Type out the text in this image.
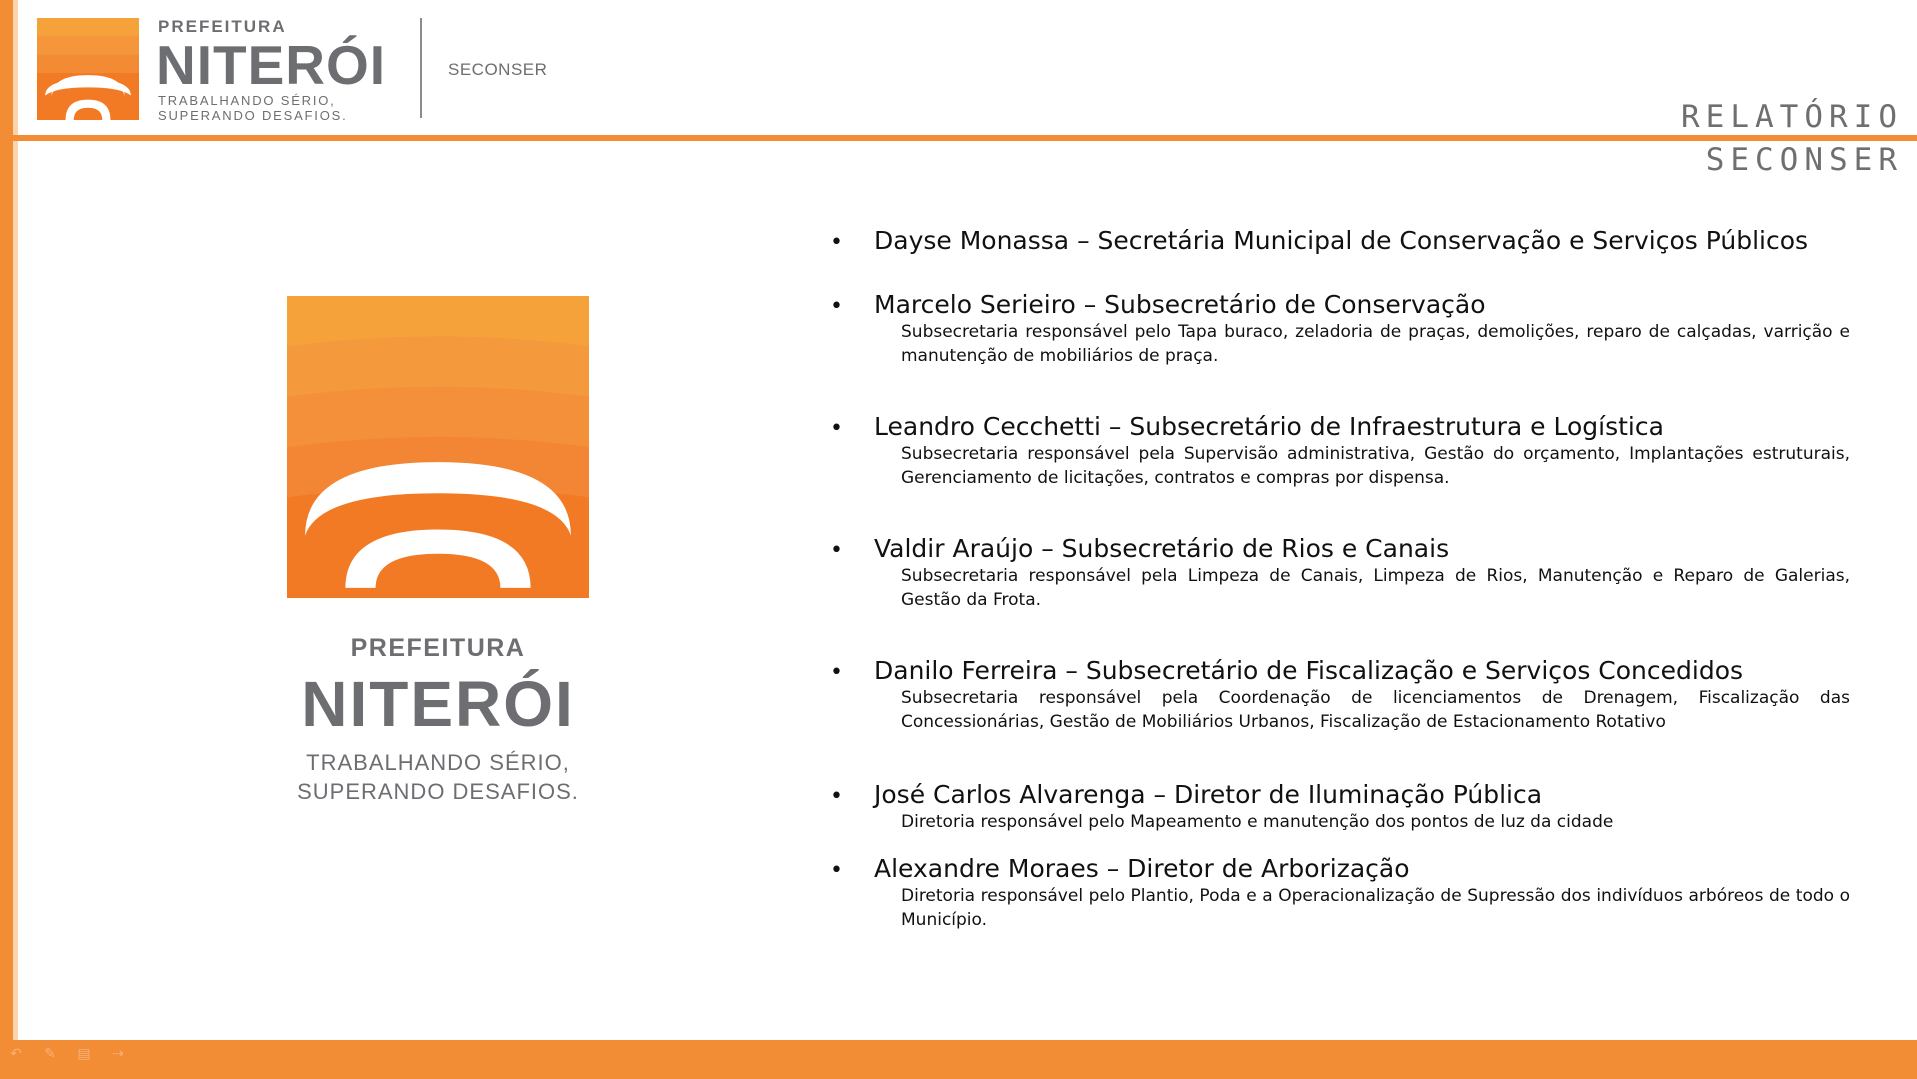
PREFEITURA
NITERÓI
TRABALHANDO SÉRIO,
SUPERANDO DESAFIOS.
SECONSER
RELATÓRIO
SECONSER
PREFEITURA
NITERÓI
TRABALHANDO SÉRIO,
SUPERANDO DESAFIOS.
• Dayse Monassa – Secretária Municipal de Conservação e Serviços Públicos
• Marcelo Serieiro – Subsecretário de Conservação
Subsecretaria responsável pelo Tapa buraco, zeladoria de praças, demolições, reparo de calçadas, varrição e manutenção de mobiliários de praça.
• Leandro Cecchetti – Subsecretário de Infraestrutura e Logística
Subsecretaria responsável pela Supervisão administrativa, Gestão do orçamento, Implantações estruturais, Gerenciamento de licitações, contratos e compras por dispensa.
• Valdir Araújo – Subsecretário de Rios e Canais
Subsecretaria responsável pela Limpeza de Canais, Limpeza de Rios, Manutenção e Reparo de Galerias, Gestão da Frota.
• Danilo Ferreira – Subsecretário de Fiscalização e Serviços Concedidos
Subsecretaria responsável pela Coordenação de licenciamentos de Drenagem, Fiscalização das Concessionárias, Gestão de Mobiliários Urbanos, Fiscalização de Estacionamento Rotativo
• José Carlos Alvarenga – Diretor de Iluminação Pública
Diretoria responsável pelo Mapeamento e manutenção dos pontos de luz da cidade
• Alexandre Moraes – Diretor de Arborização
Diretoria responsável pelo Plantio, Poda e a Operacionalização de Supressão dos indivíduos arbóreos de todo o Município.
↶ ✎ ▤ ⇢
